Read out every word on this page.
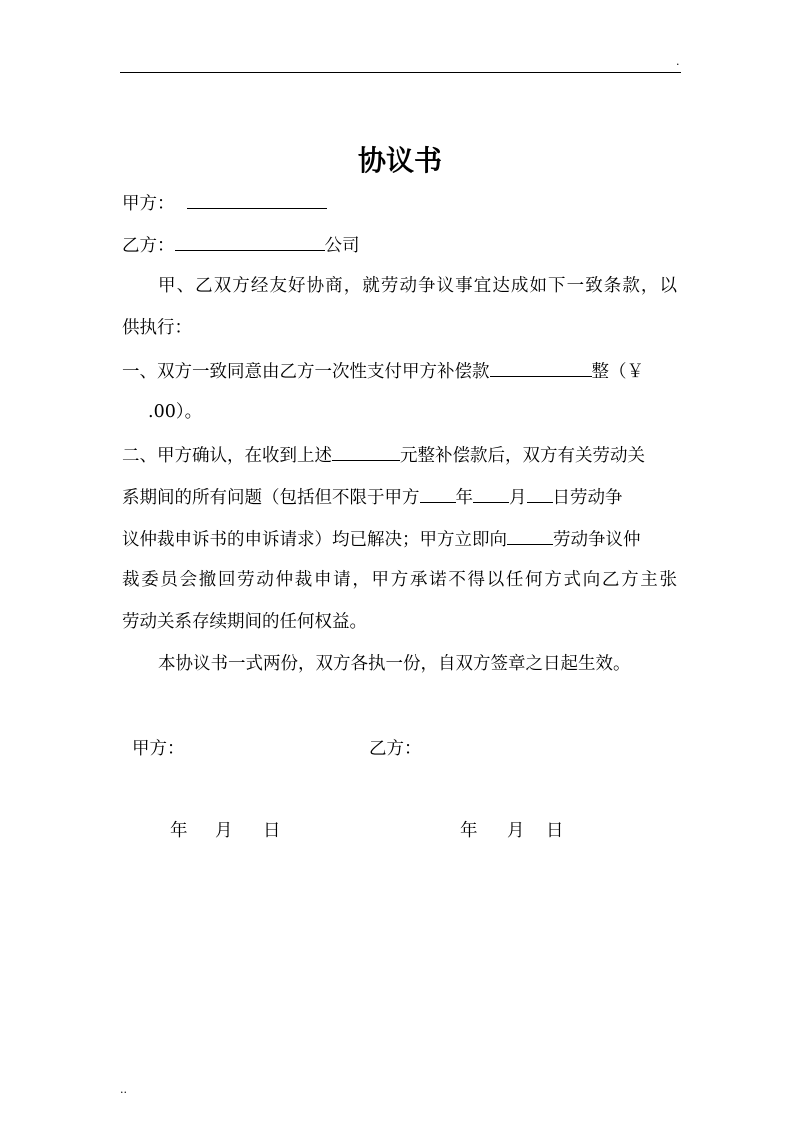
.
协议书
甲方：
乙方：	公司
甲、乙双方经友好协商，就劳动争议事宜达成如下一致条款，以
供执行：
一、双方一致同意由乙方一次性支付甲方补偿款	整（￥
.00）。
二、甲方确认，在收到上述	元整补偿款后，双方有关劳动关
系期间的所有问题（包括但不限于甲方 年 月 日劳动争
议仲裁申诉书的申诉请求）均已解决；甲方立即向	劳动争议仲
裁委员会撤回劳动仲裁申请，甲方承诺不得以任何方式向乙方主张
劳动关系存续期间的任何权益。
本协议书一式两份，双方各执一份，自双方签章之日起生效。
甲方：	乙方：
年 月 日	年 月 日
..
